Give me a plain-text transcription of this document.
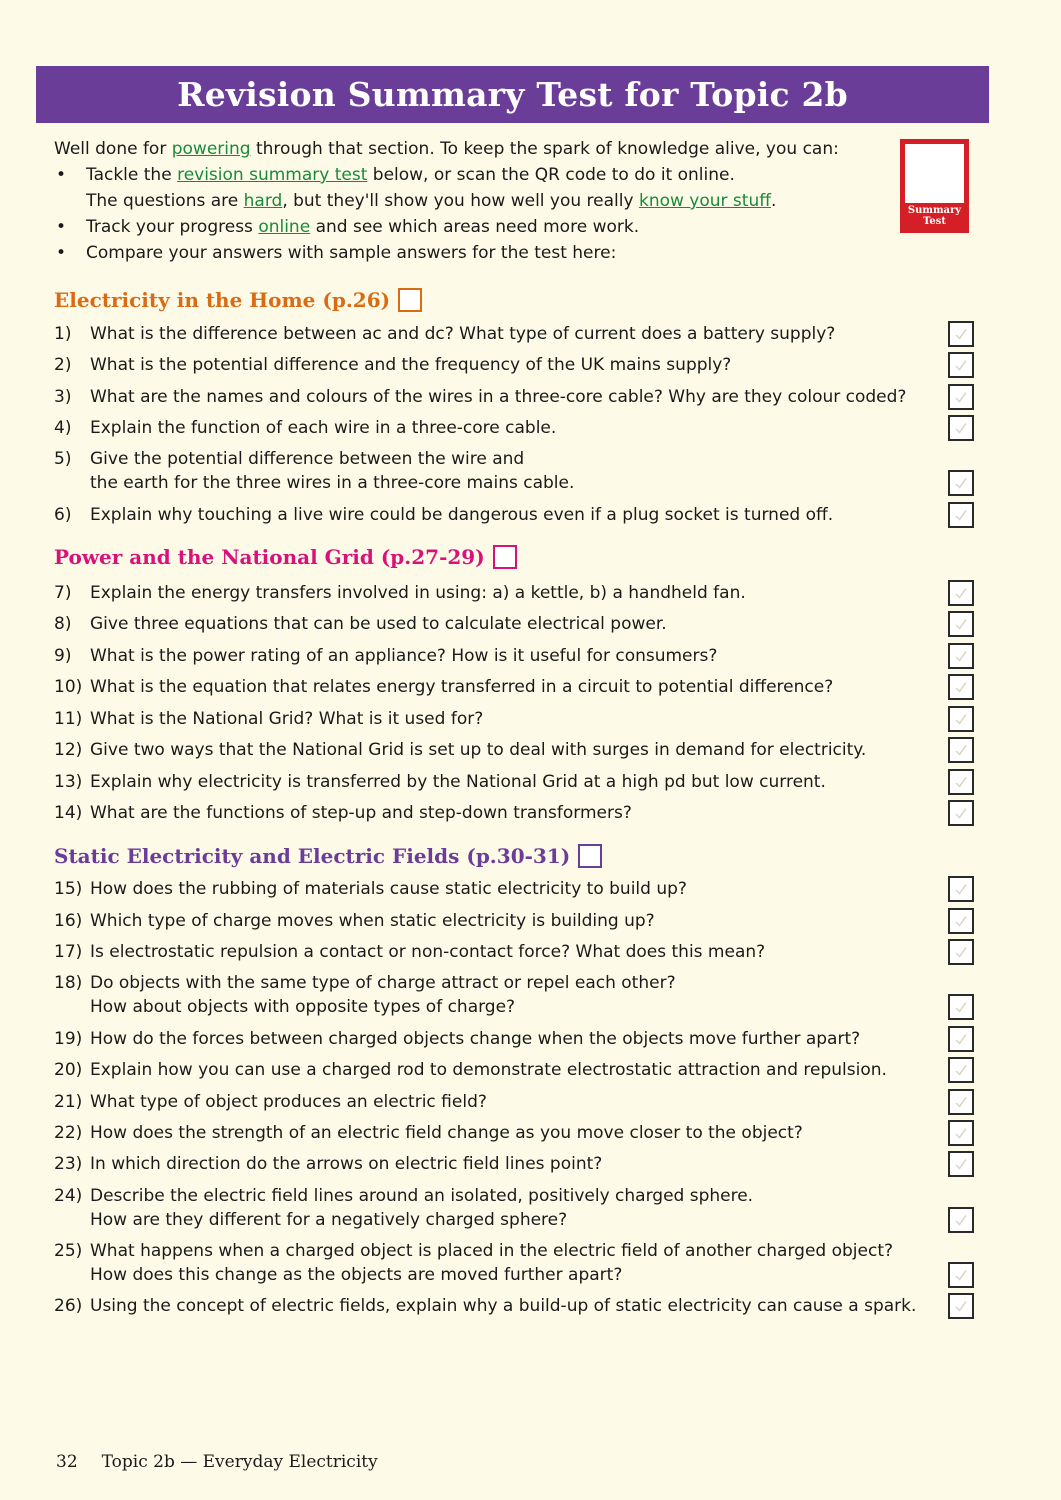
Revision Summary Test for Topic 2b

Well done for powering through that section. To keep the spark of knowledge alive, you can:

• Tackle the revision summary test below, or scan the QR code to do it online.
The questions are hard, but they'll show you how well you really know your stuff.
• Track your progress online and see which areas need more work.
• Compare your answers with sample answers for the test here:
Summary Test
Electricity in the Home (p.26)
1)	What is the difference between ac and dc? What type of current does a battery supply?
2)	What is the potential difference and the frequency of the UK mains supply?
3)	What are the names and colours of the wires in a three-core cable? Why are they colour coded?
4)	Explain the function of each wire in a three-core cable.
5)	Give the potential difference between the wire and
the earth for the three wires in a three-core mains cable.
6)	Explain why touching a live wire could be dangerous even if a plug socket is turned off.
Power and the National Grid (p.27-29)
7)	Explain the energy transfers involved in using: a) a kettle, b) a handheld fan.
8)	Give three equations that can be used to calculate electrical power.
9)	What is the power rating of an appliance? How is it useful for consumers?
10) What is the equation that relates energy transferred in a circuit to potential difference?
11) What is the National Grid? What is it used for?
12) Give two ways that the National Grid is set up to deal with surges in demand for electricity.
13) Explain why electricity is transferred by the National Grid at a high pd but low current.
14) What are the functions of step-up and step-down transformers?
Static Electricity and Electric Fields (p.30-31)
15) How does the rubbing of materials cause static electricity to build up?
16) Which type of charge moves when static electricity is building up?
17) Is electrostatic repulsion a contact or non-contact force? What does this mean?
18) Do objects with the same type of charge attract or repel each other?
How about objects with opposite types of charge?
19) How do the forces between charged objects change when the objects move further apart?
20) Explain how you can use a charged rod to demonstrate electrostatic attraction and repulsion.
21) What type of object produces an electric field?
22) How does the strength of an electric field change as you move closer to the object?
23) In which direction do the arrows on electric field lines point?
24) Describe the electric field lines around an isolated, positively charged sphere.
How are they different for a negatively charged sphere?
25) What happens when a charged object is placed in the electric field of another charged object?
How does this change as the objects are moved further apart?
26) Using the concept of electric fields, explain why a build-up of static electricity can cause a spark.
32 Topic 2b — Everyday Electricity
